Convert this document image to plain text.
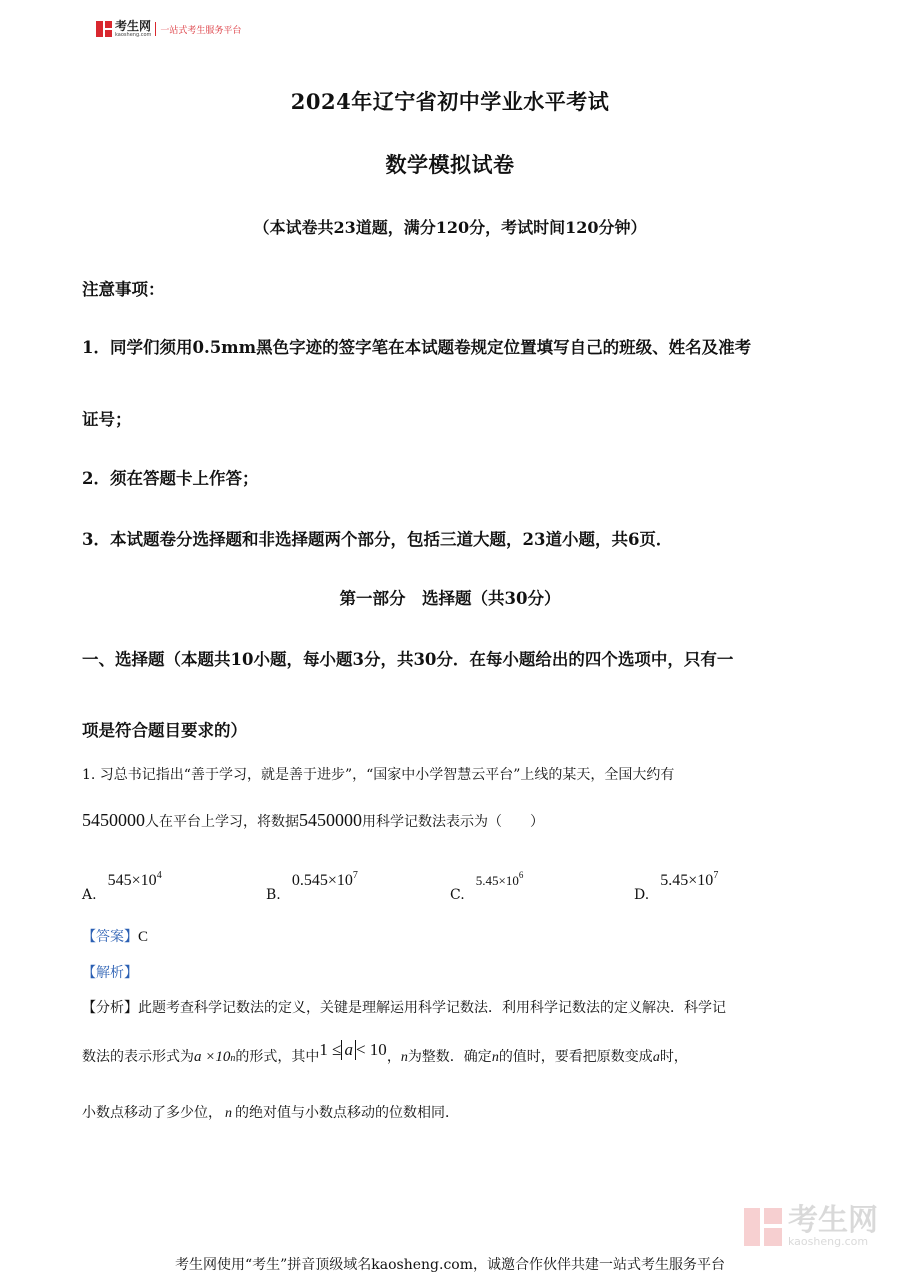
考生网
kaosheng.com 一站式考生服务平台
2024年辽宁省初中学业水平考试
数学模拟试卷
（本试卷共23道题，满分120分，考试时间120分钟）
注意事项：
1．同学们须用0.5mm黑色字迹的签字笔在本试题卷规定位置填写自己的班级、姓名及准考
证号；
2．须在答题卡上作答；
3．本试题卷分选择题和非选择题两个部分，包括三道大题，23道小题，共6页．
第一部分　选择题（共30分）
一、选择题（本题共10小题，每小题3分，共30分．在每小题给出的四个选项中，只有一
项是符合题目要求的）
1. 习总书记指出“善于学习，就是善于进步”，“国家中小学智慧云平台”上线的某天，全国大约有
5450000 人在平台上学习，将数据 5450000 用科学记数法表示为（　　）
A. $545\times 10^4$
B. $0.545\times 10^7$
C. $5.45\times 10^6$
D. $5.45\times 10^7$
【答案】 C
【解析】
【分析】此题考查科学记数法的定义，关键是理解运用科学记数法．利用科学记数法的定义解决．科学记
数法的表示形式为 a ×10 n 的形式，其中 1 ≤ a < 10 ， n 为整数．确定 n 的值时，要看把原数变成 a 时，
小数点移动了多少位， n 的绝对值与小数点移动的位数相同．
考生网
kaosheng.com
考生网使用“考生”拼音顶级域名kaosheng.com，诚邀合作伙伴共建一站式考生服务平台
